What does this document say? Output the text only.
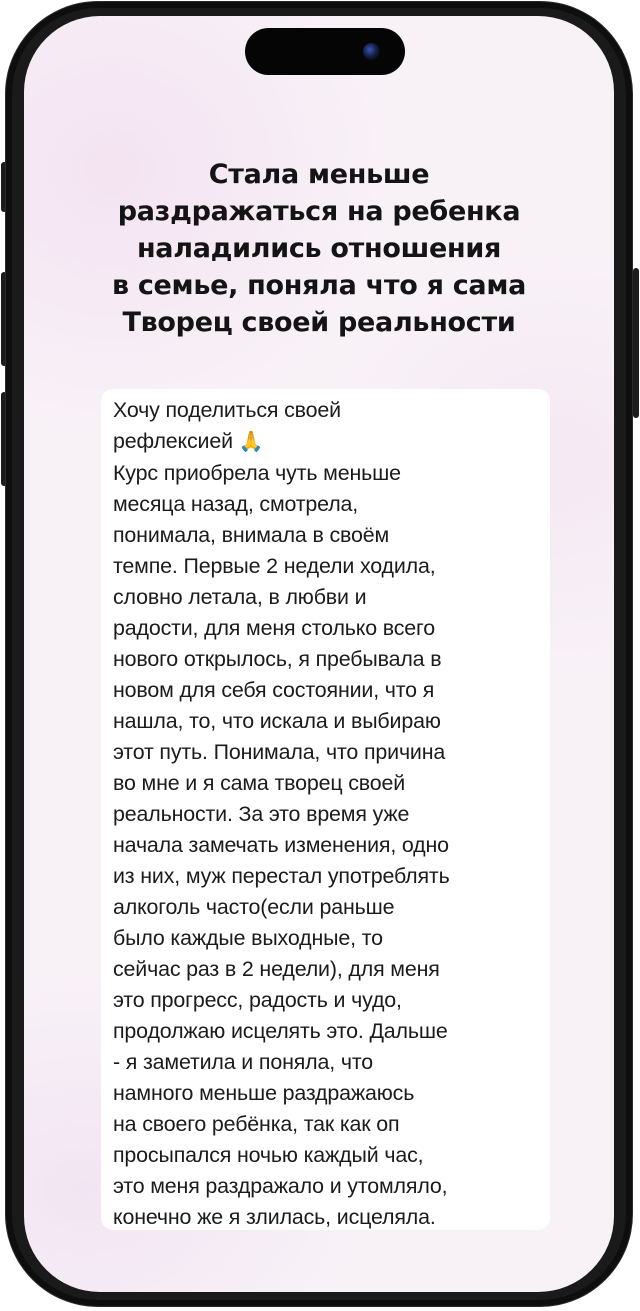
Стала меньше
раздражаться на ребенка
наладились отношения
в семье, поняла что я сама
Творец своей реальности
Хочу поделиться своей
рефлексией 🙏
Курс приобрела чуть меньше
месяца назад, смотрела,
понимала, внимала в своём
темпе. Первые 2 недели ходила,
словно летала, в любви и
радости, для меня столько всего
нового открылось, я пребывала в
новом для себя состоянии, что я
нашла, то, что искала и выбираю
этот путь. Понимала, что причина
во мне и я сама творец своей
реальности. За это время уже
начала замечать изменения, одно
из них, муж перестал употреблять
алкоголь часто(если раньше
было каждые выходные, то
сейчас раз в 2 недели), для меня
это прогресс, радость и чудо,
продолжаю исцелять это. Дальше
- я заметила и поняла, что
намного меньше раздражаюсь
на своего ребёнка, так как оп
просыпался ночью каждый час,
это меня раздражало и утомляло,
конечно же я злилась, исцеляла.
